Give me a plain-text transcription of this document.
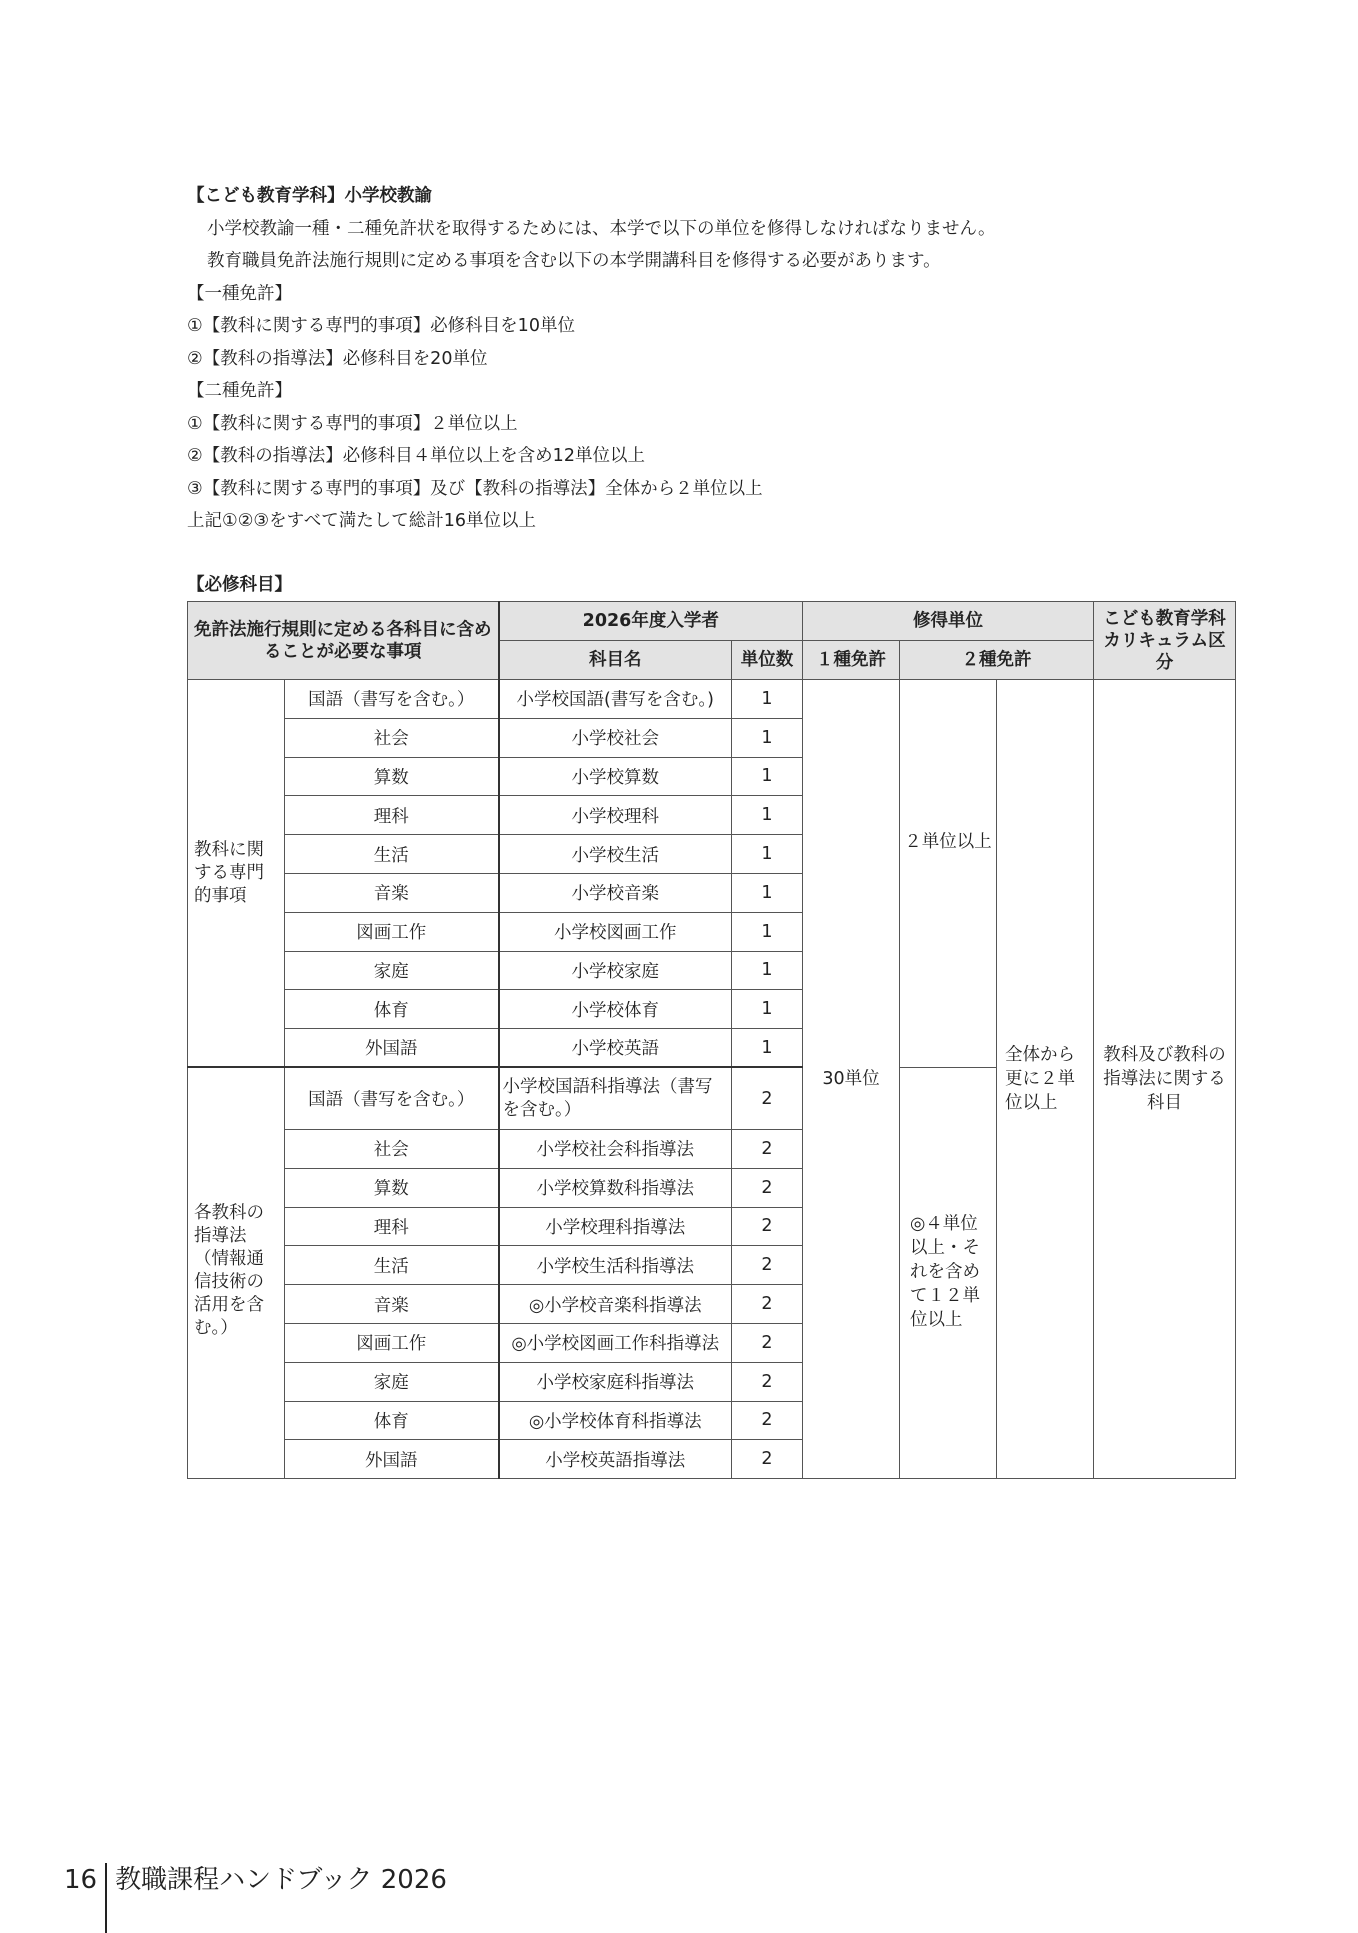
【こども教育学科】小学校教諭
小学校教諭一種・二種免許状を取得するためには、本学で以下の単位を修得しなければなりません。
教育職員免許法施行規則に定める事項を含む以下の本学開講科目を修得する必要があります。
【一種免許】
①【教科に関する専門的事項】必修科目を10単位
②【教科の指導法】必修科目を20単位
【二種免許】
①【教科に関する専門的事項】２単位以上
②【教科の指導法】必修科目４単位以上を含め12単位以上
③【教科に関する専門的事項】及び【教科の指導法】全体から２単位以上
上記①②③をすべて満たして総計16単位以上
【必修科目】
免許法施行規則に定める各科目に含めることが必要な事項		2026年度入学者		修得単位			こども教育学科カリキュラム区分
		科目名	単位数	１種免許	２種免許		
教科に関する専門的事項	国語（書写を含む。）	小学校国語(書写を含む。)	1	30単位	２単位以上	全体から更に２単位以上	教科及び教科の指導法に関する科目
	社会	小学校社会	1				
	算数	小学校算数	1				
	理科	小学校理科	1				
	生活	小学校生活	1				
	音楽	小学校音楽	1				
	図画工作	小学校図画工作	1				
	家庭	小学校家庭	1				
	体育	小学校体育	1				
	外国語	小学校英語	1				
各教科の指導法（情報通信技術の活用を含む。）	国語（書写を含む。）	小学校国語科指導法（書写を含む。）	2		◎４単位以上・それを含めて１２単位以上		
	社会	小学校社会科指導法	2				
	算数	小学校算数科指導法	2				
	理科	小学校理科指導法	2				
	生活	小学校生活科指導法	2				
	音楽	◎小学校音楽科指導法	2				
	図画工作	◎小学校図画工作科指導法	2				
	家庭	小学校家庭科指導法	2				
	体育	◎小学校体育科指導法	2				
	外国語	小学校英語指導法	2				
16 教職課程ハンドブック 2026
